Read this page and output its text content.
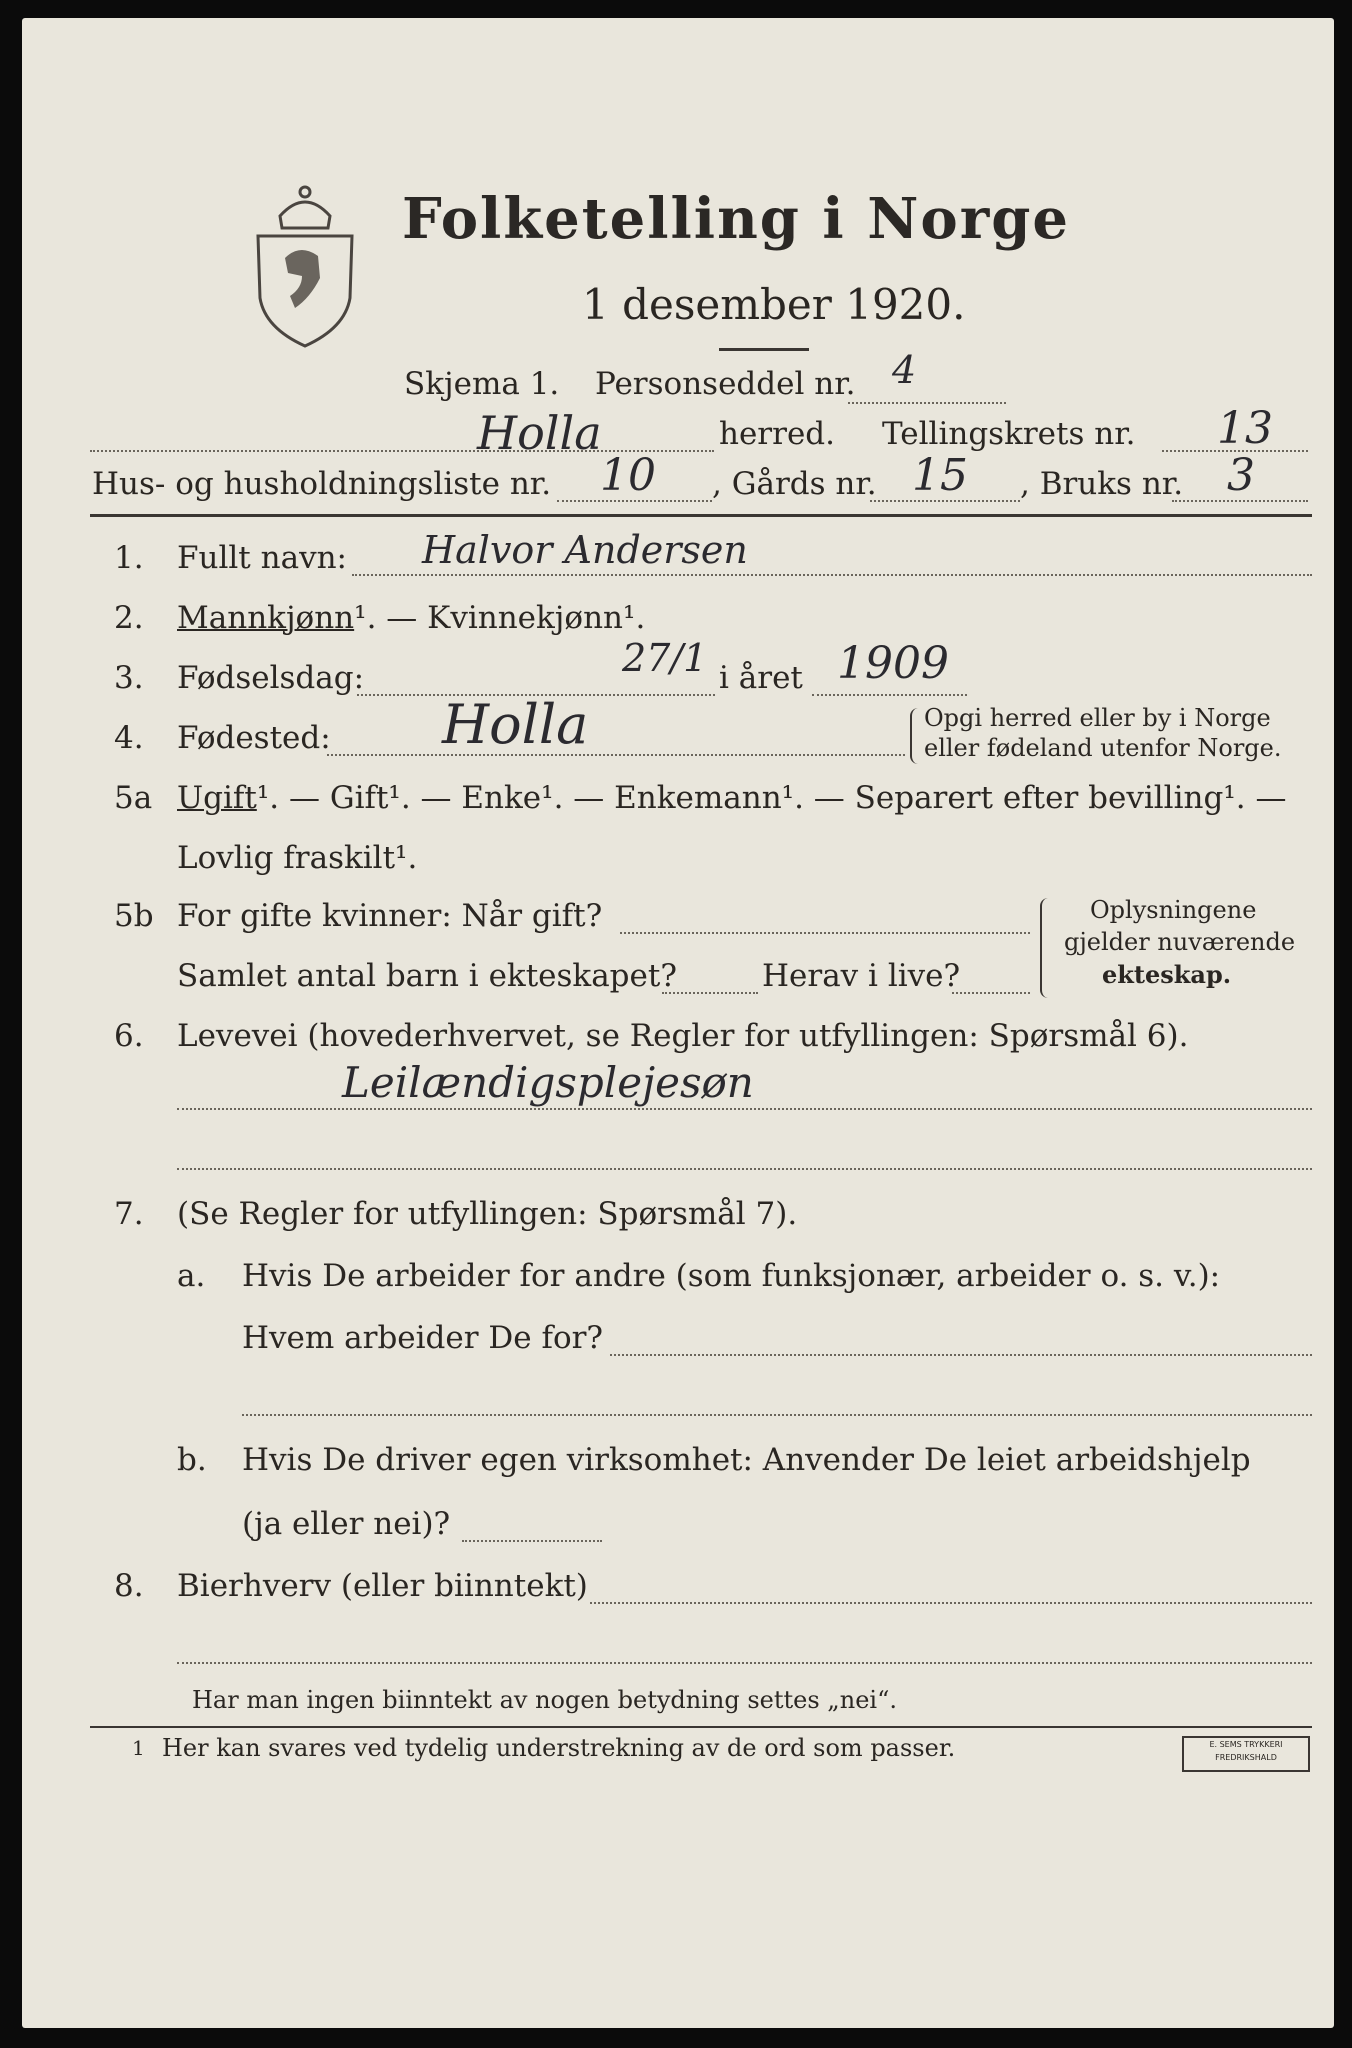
Folketelling i Norge
1 desember 1920.
Skjema 1. Personseddel nr. 4
Holla	herred. Tellingskrets nr. 13
Hus- og husholdningsliste nr. 10 , Gårds nr. 15 , Bruks nr. 3
1. Fullt navn: Halvor Andersen
2. Mannkjønn¹. — Kvinnekjønn¹.
3. Fødselsdag:	27/1 i året 1909
4. Fødested: Holla	Opgi herred eller by i Norge
eller fødeland utenfor Norge.
5a Ugift¹. — Gift¹. — Enke¹. — Enkemann¹. — Separert efter bevilling¹. —
Lovlig fraskilt¹.
5b For gifte kvinner: Når gift?
Samlet antal barn i ekteskapet?	Herav i live?
Oplysningene
gjelder nuværende
ekteskap.
6. Levevei (hovederhvervet, se Regler for utfyllingen: Spørsmål 6).
Leilændigsplejesøn
7. (Se Regler for utfyllingen: Spørsmål 7).
a. Hvis De arbeider for andre (som funksjonær, arbeider o. s. v.):
Hvem arbeider De for?
b. Hvis De driver egen virksomhet: Anvender De leiet arbeidshjelp
(ja eller nei)?
8. Bierhverv (eller biinntekt)
Har man ingen biinntekt av nogen betydning settes „nei“.
1 Her kan svares ved tydelig understrekning av de ord som passer.	E. SEMS TRYKKERI
FREDRIKSHALD
